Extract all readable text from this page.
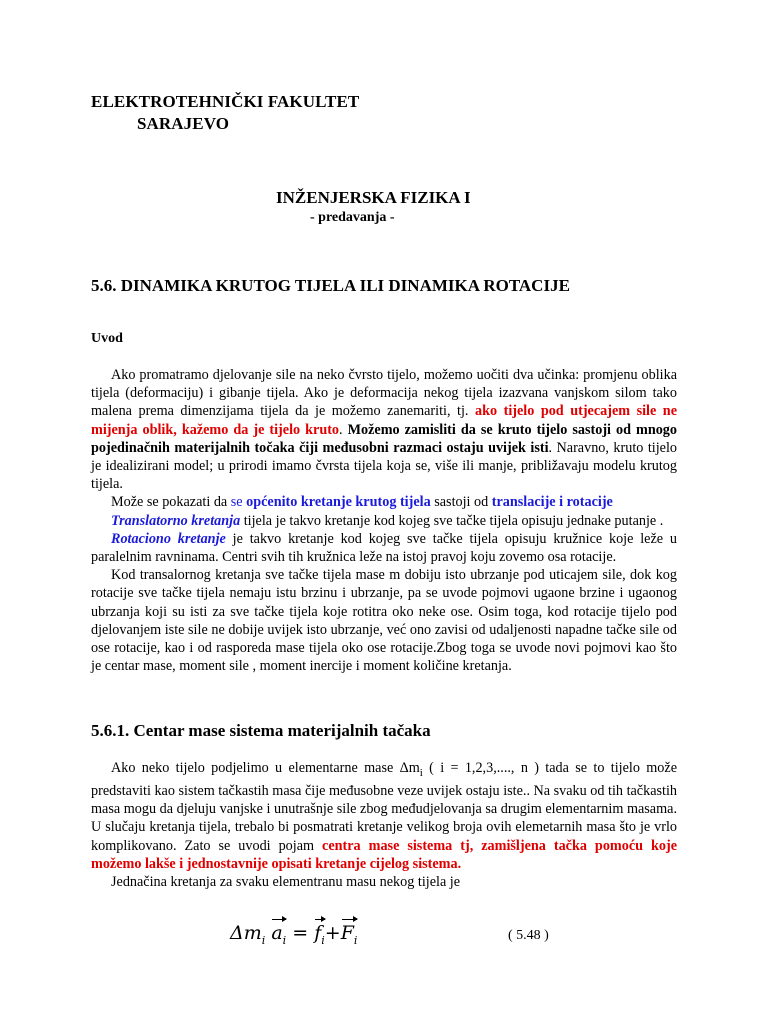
ELEKTROTEHNIČKI FAKULTET
SARAJEVO
INŽENJERSKA FIZIKA I
- predavanja -
5.6. DINAMIKA KRUTOG TIJELA ILI DINAMIKA ROTACIJE
Uvod

Ako promatramo djelovanje sile na neko čvrsto tijelo, možemo uočiti dva učinka: promjenu oblika tijela (deformaciju) i gibanje tijela. Ako je deformacija nekog tijela izazvana vanjskom silom tako malena prema dimenzijama tijela da je možemo zanemariti, tj. ako tijelo pod utjecajem sile ne mijenja oblik, kažemo da je tijelo kruto. Možemo zamisliti da se kruto tijelo sastoji od mnogo pojedinačnih materijalnih točaka čiji međusobni razmaci ostaju uvijek isti. Naravno, kruto tijelo je idealizirani model; u prirodi imamo čvrsta tijela koja se, više ili manje, približavaju modelu krutog tijela.

Može se pokazati da se općenito kretanje krutog tijela sastoji od translacije i rotacije

Translatorno kretanja tijela je takvo kretanje kod kojeg sve tačke tijela opisuju jednake putanje .

Rotaciono kretanje je takvo kretanje kod kojeg sve tačke tijela opisuju kružnice koje leže u paralelnim ravninama. Centri svih tih kružnica leže na istoj pravoj koju zovemo osa rotacije.

Kod transalornog kretanja sve tačke tijela mase m dobiju isto ubrzanje pod uticajem sile, dok kog rotacije sve tačke tijela nemaju istu brzinu i ubrzanje, pa se uvode pojmovi ugaone brzine i ugaonog ubrzanja koji su isti za sve tačke tijela koje rotitra oko neke ose. Osim toga, kod rotacije tijelo pod djelovanjem iste sile ne dobije uvijek isto ubrzanje, već ono zavisi od udaljenosti napadne tačke sile od ose rotacije, kao i od rasporeda mase tijela oko ose rotacije.Zbog toga se uvode novi pojmovi kao što je centar mase, moment sile , moment inercije i moment količine kretanja.

5.6.1. Centar mase sistema materijalnih tačaka

Ako neko tijelo podjelimo u elementarne mase $\Delta m_i$ ( i = 1,2,3,...., n ) tada se to tijelo može predstaviti kao sistem tačkastih masa čije međusobne veze uvijek ostaju iste.. Na svaku od tih tačkastih masa mogu da djeluju vanjske i unutrašnje sile zbog međudjelovanja sa drugim elementarnim masama. U slučaju kretanja tijela, trebalo bi posmatrati kretanje velikog broja ovih elemetarnih masa što je vrlo komplikovano. Zato se uvodi pojam centra mase sistema tj, zamišljena tačka pomoću koje možemo lakše i jednostavnije opisati kretanje cijelog sistema.

Jednačina kretanja za svaku elementranu masu nekog tijela je

$\Delta m_i$ $a_i = f_i+F_i$	( 5.48 )
